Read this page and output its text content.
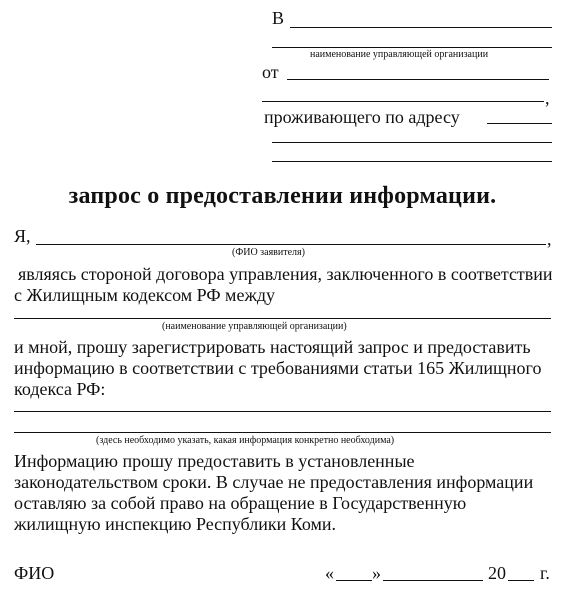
В
наименование управляющей организации
от
,
проживающего по адресу
запрос о предоставлении информации.
Я,	,
(ФИО заявителя)
являясь стороной договора управления, заключенного в соответствии с Жилищным кодексом РФ между
(наименование управляющей организации)
и мной, прошу зарегистрировать настоящий запрос и предоставить информацию в соответствии с требованиями статьи 165 Жилищного кодекса РФ:
(здесь необходимо указать, какая информация конкретно необходима)
Информацию прошу предоставить в установленные законодательством сроки. В случае не предоставления информации оставляю за собой право на обращение в Государственную жилищную инспекцию Республики Коми.
ФИО	« »	20 г.
